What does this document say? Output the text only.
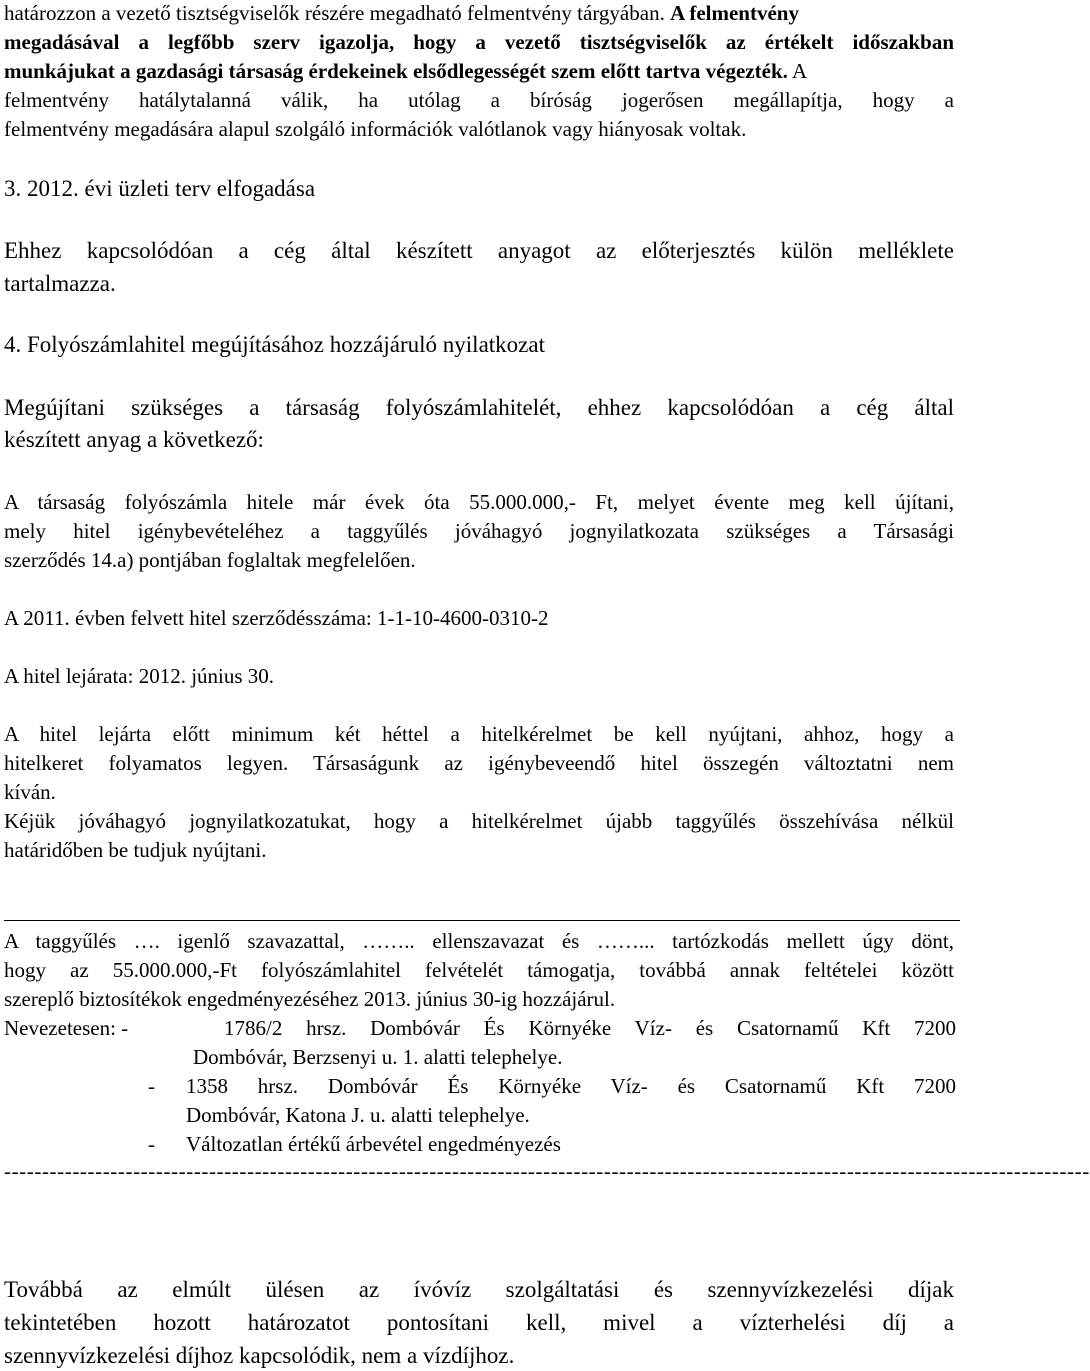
határozzon a vezető tisztségviselők részére megadható felmentvény tárgyában. A felmentvény
megadásával a legfőbb szerv igazolja, hogy a vezető tisztségviselők az értékelt időszakban
munkájukat a gazdasági társaság érdekeinek elsődlegességét szem előtt tartva végezték. A
felmentvény hatálytalanná válik, ha utólag a bíróság jogerősen megállapítja, hogy a
felmentvény megadására alapul szolgáló információk valótlanok vagy hiányosak voltak.
3. 2012. évi üzleti terv elfogadása
Ehhez kapcsolódóan a cég által készített anyagot az előterjesztés külön melléklete
tartalmazza.
4. Folyószámlahitel megújításához hozzájáruló nyilatkozat
Megújítani szükséges a társaság folyószámlahitelét, ehhez kapcsolódóan a cég által
készített anyag a következő:
A társaság folyószámla hitele már évek óta 55.000.000,- Ft, melyet évente meg kell újítani,
mely hitel igénybevételéhez a taggyűlés jóváhagyó jognyilatkozata szükséges a Társasági
szerződés 14.a) pontjában foglaltak megfelelően.
A 2011. évben felvett hitel szerződésszáma: 1-1-10-4600-0310-2
A hitel lejárata: 2012. június 30.
A hitel lejárta előtt minimum két héttel a hitelkérelmet be kell nyújtani, ahhoz, hogy a
hitelkeret folyamatos legyen. Társaságunk az igénybeveendő hitel összegén változtatni nem
kíván.
Kéjük jóváhagyó jognyilatkozatukat, hogy a hitelkérelmet újabb taggyűlés összehívása nélkül
határidőben be tudjuk nyújtani.
A taggyűlés …. igenlő szavazattal, …….. ellenszavazat és ……... tartózkodás mellett úgy dönt,
hogy az 55.000.000,-Ft folyószámlahitel felvételét támogatja, továbbá annak feltételei között
szereplő biztosítékok engedményezéséhez 2013. június 30-ig hozzájárul.
Nevezetesen: -	1786/2 hrsz. Dombóvár És Környéke Víz- és Csatornamű Kft 7200
Dombóvár, Berzsenyi u. 1. alatti telephelye.
- 1358 hrsz. Dombóvár És Környéke Víz- és Csatornamű Kft 7200
Dombóvár, Katona J. u. alatti telephelye.
- Változatlan értékű árbevétel engedményezés
-----------------------------------------------------------------------------------------------------------------------------------------------
Továbbá az elmúlt ülésen az ívóvíz szolgáltatási és szennyvízkezelési díjak
tekintetében hozott határozatot pontosítani kell, mivel a vízterhelési díj a
szennyvízkezelési díjhoz kapcsolódik, nem a vízdíjhoz.
